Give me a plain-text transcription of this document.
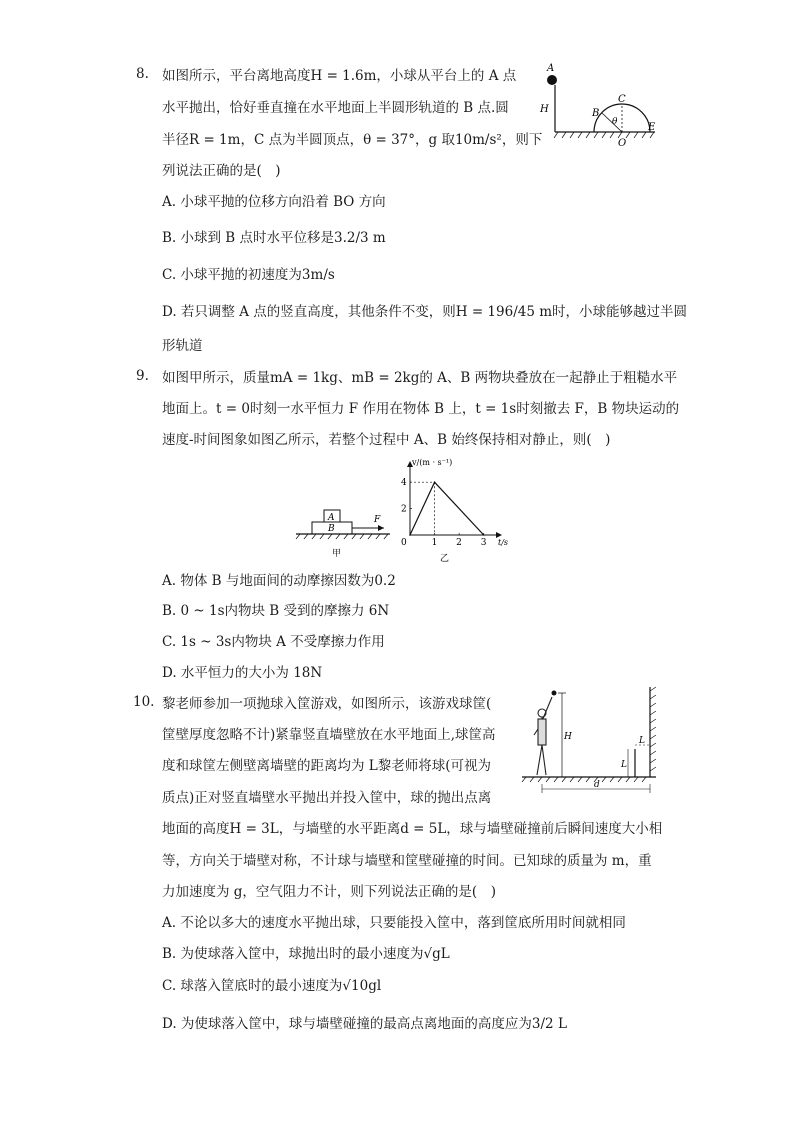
8. 如图所示，平台离地高度H = 1.6m，小球从平台上的 A 点
水平抛出，恰好垂直撞在水平地面上半圆形轨道的 B 点.圆
半径R = 1m，C 点为半圆顶点，θ = 37°，g 取10m/s²，则下
列说法正确的是(　)
A
H	B
C
θ
O
E
A. 小球平抛的位移方向沿着 BO 方向
B. 小球到 B 点时水平位移是3.2/3 m
C. 小球平抛的初速度为3m/s
D. 若只调整 A 点的竖直高度，其他条件不变，则H = 196/45 m时，小球能够越过半圆
形轨道
9. 如图甲所示，质量mA = 1kg、mB = 2kg的 A、B 两物块叠放在一起静止于粗糙水平
地面上。t = 0时刻一水平恒力 F 作用在物体 B 上，t = 1s时刻撤去 F，B 物块运动的
速度-时间图象如图乙所示，若整个过程中 A、B 始终保持相对静止，则(　)
A
B
F
甲
1 2 3
2
4
0	t/s
v/(m · s⁻¹)
乙
A. 物体 B 与地面间的动摩擦因数为0.2
B. 0 ~ 1s内物块 B 受到的摩擦力 6N
C. 1s ~ 3s内物块 A 不受摩擦力作用
D. 水平恒力的大小为 18N
10. 黎老师参加一项抛球入筐游戏，如图所示，该游戏球筐(
筐壁厚度忽略不计)紧靠竖直墙壁放在水平地面上,球筐高
度和球筐左侧壁离墙壁的距离均为 L黎老师将球(可视为
质点)正对竖直墙壁水平抛出并投入筐中，球的抛出点离
H	L
L
d
地面的高度H = 3L，与墙壁的水平距离d = 5L，球与墙壁碰撞前后瞬间速度大小相
等，方向关于墙壁对称，不计球与墙壁和筐壁碰撞的时间。已知球的质量为 m，重
力加速度为 g，空气阻力不计，则下列说法正确的是(　)
A. 不论以多大的速度水平抛出球，只要能投入筐中，落到筐底所用时间就相同
B. 为使球落入筐中，球抛出时的最小速度为√gL
C. 球落入筐底时的最小速度为√10gl
D. 为使球落入筐中，球与墙壁碰撞的最高点离地面的高度应为3/2 L
